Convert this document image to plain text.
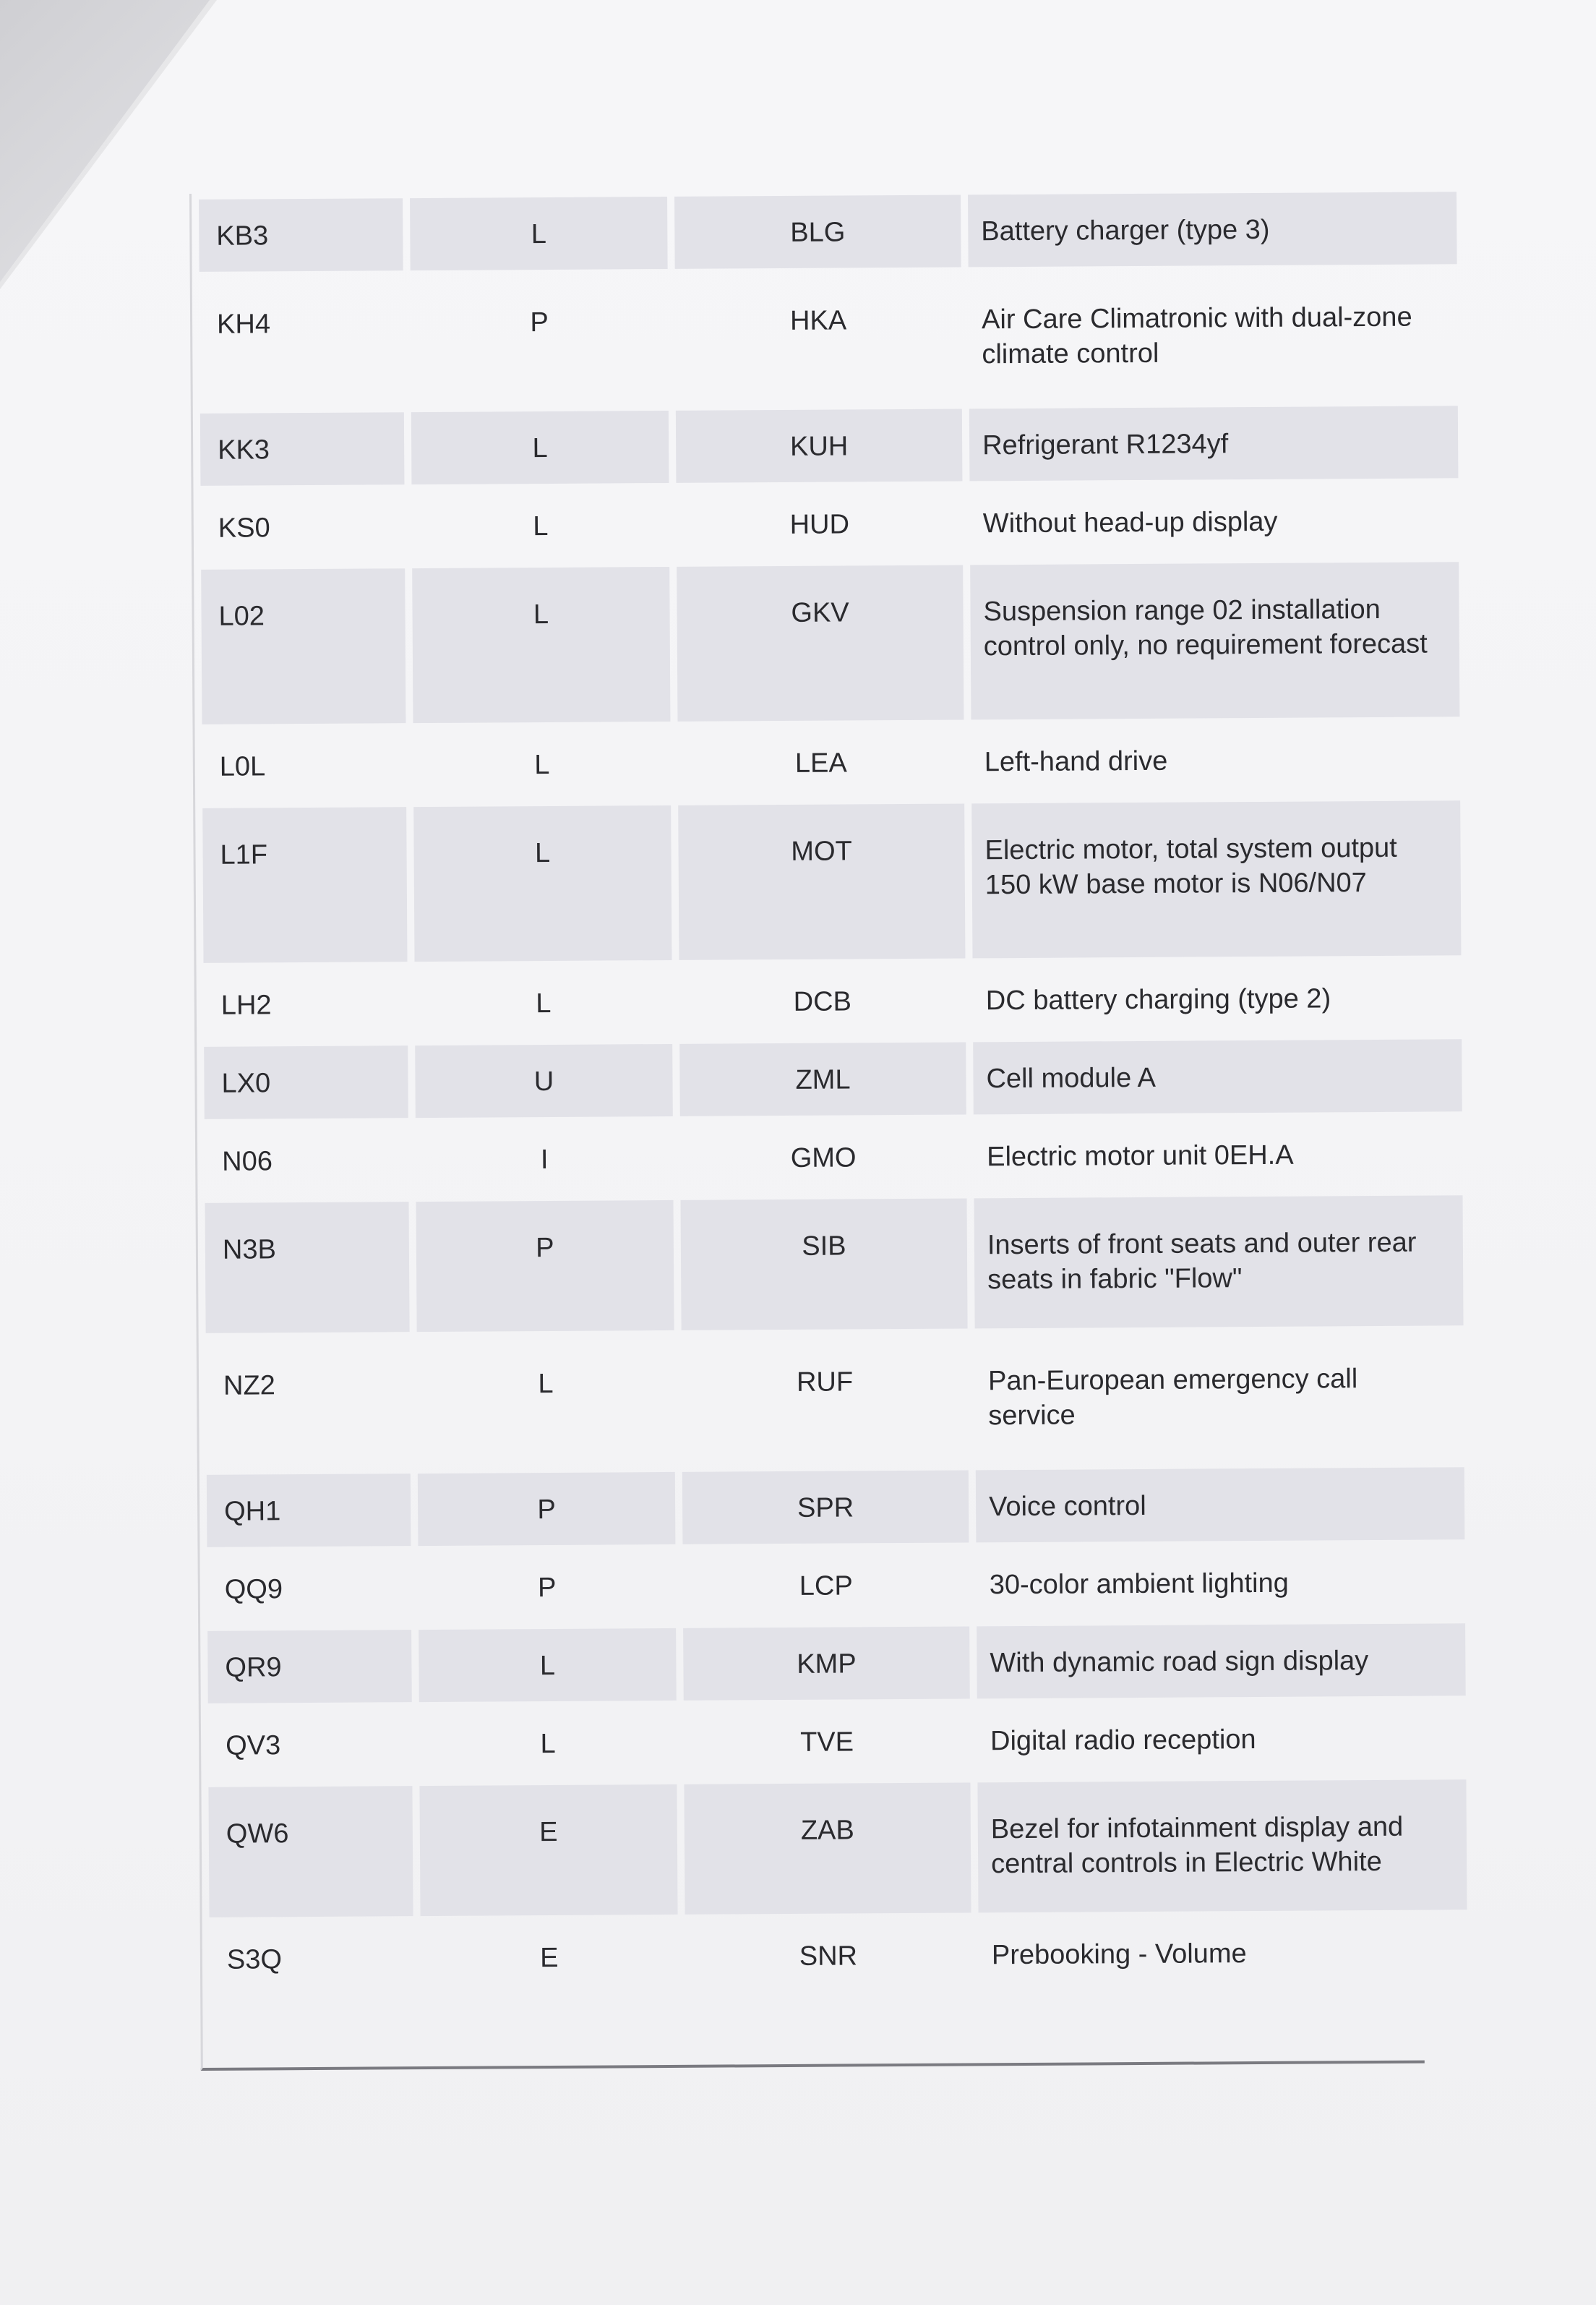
KB3	L	BLG	Battery charger (type 3)
KH4	P	HKA	Air Care Climatronic with dual-zone climate control
KK3	L	KUH	Refrigerant R1234yf
KS0	L	HUD	Without head-up display
L02	L	GKV	Suspension range 02 installation control only, no requirement forecast
L0L	L	LEA	Left-hand drive
L1F	L	MOT	Electric motor, total system output 150 kW base motor is N06/N07
LH2	L	DCB	DC battery charging (type 2)
LX0	U	ZML	Cell module A
N06	I	GMO	Electric motor unit 0EH.A
N3B	P	SIB	Inserts of front seats and outer rear seats in fabric "Flow"
NZ2	L	RUF	Pan-European emergency call service
QH1	P	SPR	Voice control
QQ9	P	LCP	30-color ambient lighting
QR9	L	KMP	With dynamic road sign display
QV3	L	TVE	Digital radio reception
QW6	E	ZAB	Bezel for infotainment display and central controls in Electric White
S3Q	E	SNR	Prebooking - Volume
